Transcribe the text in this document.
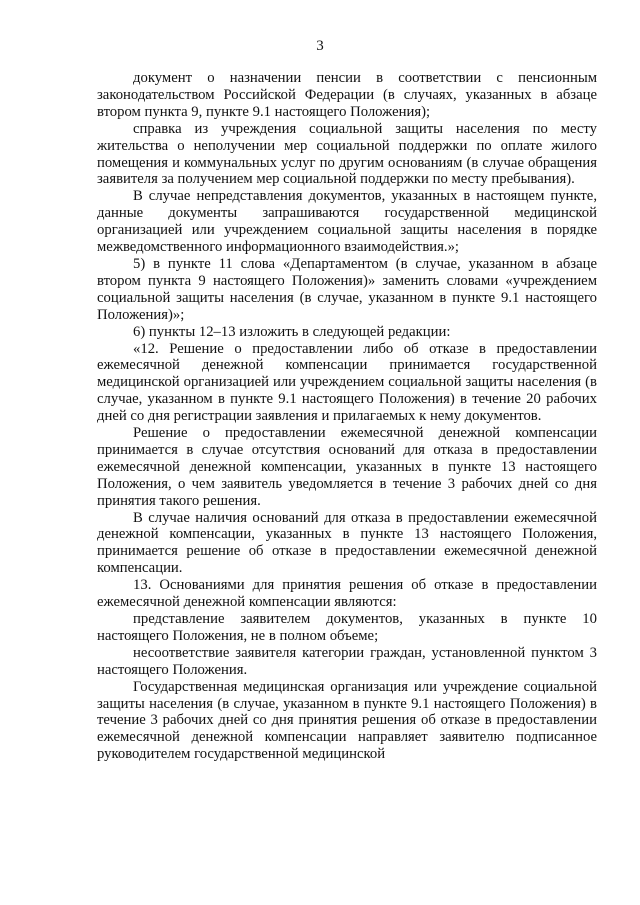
3

документ о назначении пенсии в соответствии с пенсионным законодательством Российской Федерации (в случаях, указанных в абзаце втором пункта 9, пункте 9.1 настоящего Положения);

справка из учреждения социальной защиты населения по месту жительства о неполучении мер социальной поддержки по оплате жилого помещения и коммунальных услуг по другим основаниям (в случае обращения заявителя за получением мер социальной поддержки по месту пребывания).

В случае непредставления документов, указанных в настоящем пункте, данные документы запрашиваются государственной медицинской организацией или учреждением социальной защиты населения в порядке межведомственного информационного взаимодействия.»;

5) в пункте 11 слова «Департаментом (в случае, указанном в абзаце втором пункта 9 настоящего Положения)» заменить словами «учреждением социальной защиты населения (в случае, указанном в пункте 9.1 настоящего Положения)»;

6) пункты 12–13 изложить в следующей редакции:

«12. Решение о предоставлении либо об отказе в предоставлении ежемесячной денежной компенсации принимается государственной медицинской организацией или учреждением социальной защиты населения (в случае, указанном в пункте 9.1 настоящего Положения) в течение 20 рабочих дней со дня регистрации заявления и прилагаемых к нему документов.

Решение о предоставлении ежемесячной денежной компенсации принимается в случае отсутствия оснований для отказа в предоставлении ежемесячной денежной компенсации, указанных в пункте 13 настоящего Положения, о чем заявитель уведомляется в течение 3 рабочих дней со дня принятия такого решения.

В случае наличия оснований для отказа в предоставлении ежемесячной денежной компенсации, указанных в пункте 13 настоящего Положения, принимается решение об отказе в предоставлении ежемесячной денежной компенсации.

13. Основаниями для принятия решения об отказе в предоставлении ежемесячной денежной компенсации являются:

представление заявителем документов, указанных в пункте 10 настоящего Положения, не в полном объеме;

несоответствие заявителя категории граждан, установленной пунктом 3 настоящего Положения.

Государственная медицинская организация или учреждение социальной защиты населения (в случае, указанном в пункте 9.1 настоящего Положения) в течение 3 рабочих дней со дня принятия решения об отказе в предоставлении ежемесячной денежной компенсации направляет заявителю подписанное руководителем государственной медицинской
